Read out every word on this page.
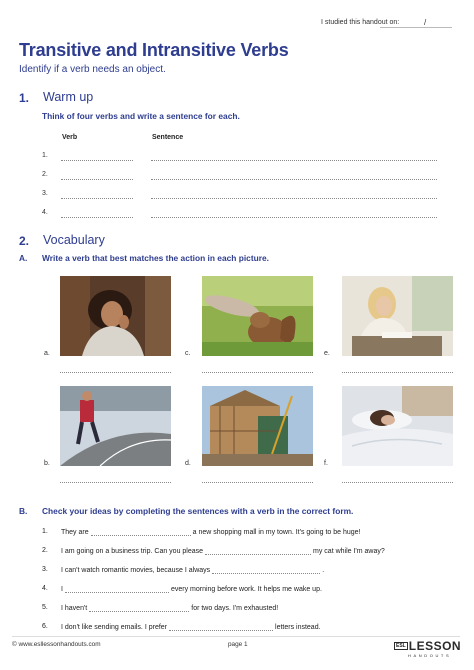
I studied this handout on:	/
Transitive and Intransitive Verbs
Identify if a verb needs an object.
1. Warm up
Think of four verbs and write a sentence for each.
Verb	Sentence
1.
2.
3.
4.
2. Vocabulary
A. Write a verb that best matches the action in each picture.
a.	c.	e.
b.	d.	f.
B. Check your ideas by completing the sentences with a verb in the correct form.
1. They are	a new shopping mall in my town. It's going to be huge!
2. I am going on a business trip. Can you please	my cat while I'm away?
3. I can't watch romantic movies, because I always	.
4. I	every morning before work. It helps me wake up.
5. I haven't	for two days. I'm exhausted!
6. I don't like sending emails. I prefer	letters instead.
© www.esllessonhandouts.com	page 1	ESL LESSON
HANDOUTS
